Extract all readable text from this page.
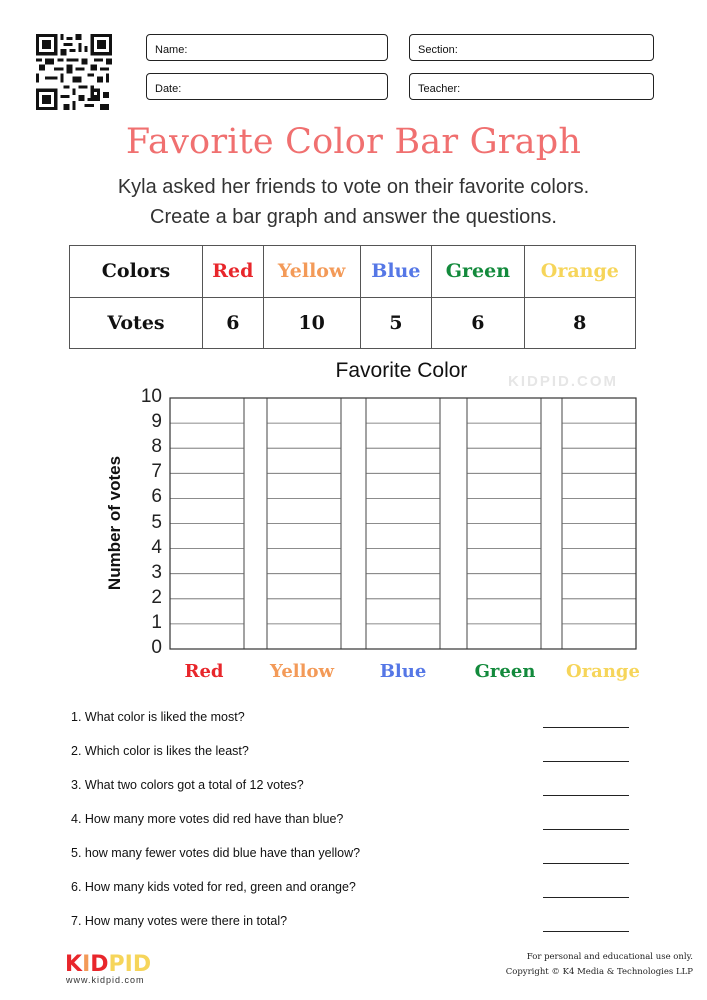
Name:	Section:
Date:	Teacher:
Favorite Color Bar Graph
Kyla asked her friends to vote on their favorite colors.
Create a bar graph and answer the questions.
Colors	Red	Yellow	Blue	Green	Orange
Votes	6	10	5	6	8
Favorite Color	KIDPID.COM
Number of votes
0
1
2
3
4
5
6
7
8
9
10
Red	Yellow	Blue	Green	Orange
1. What color is liked the most?
2. Which color is likes the least?
3. What two colors got a total of 12 votes?
4. How many more votes did red have than blue?
5. how many fewer votes did blue have than yellow?
6. How many kids voted for red, green and orange?
7. How many votes were there in total?
KIDPID
www.kidpid.com
For personal and educational use only.
Copyright © K4 Media & Technologies LLP
